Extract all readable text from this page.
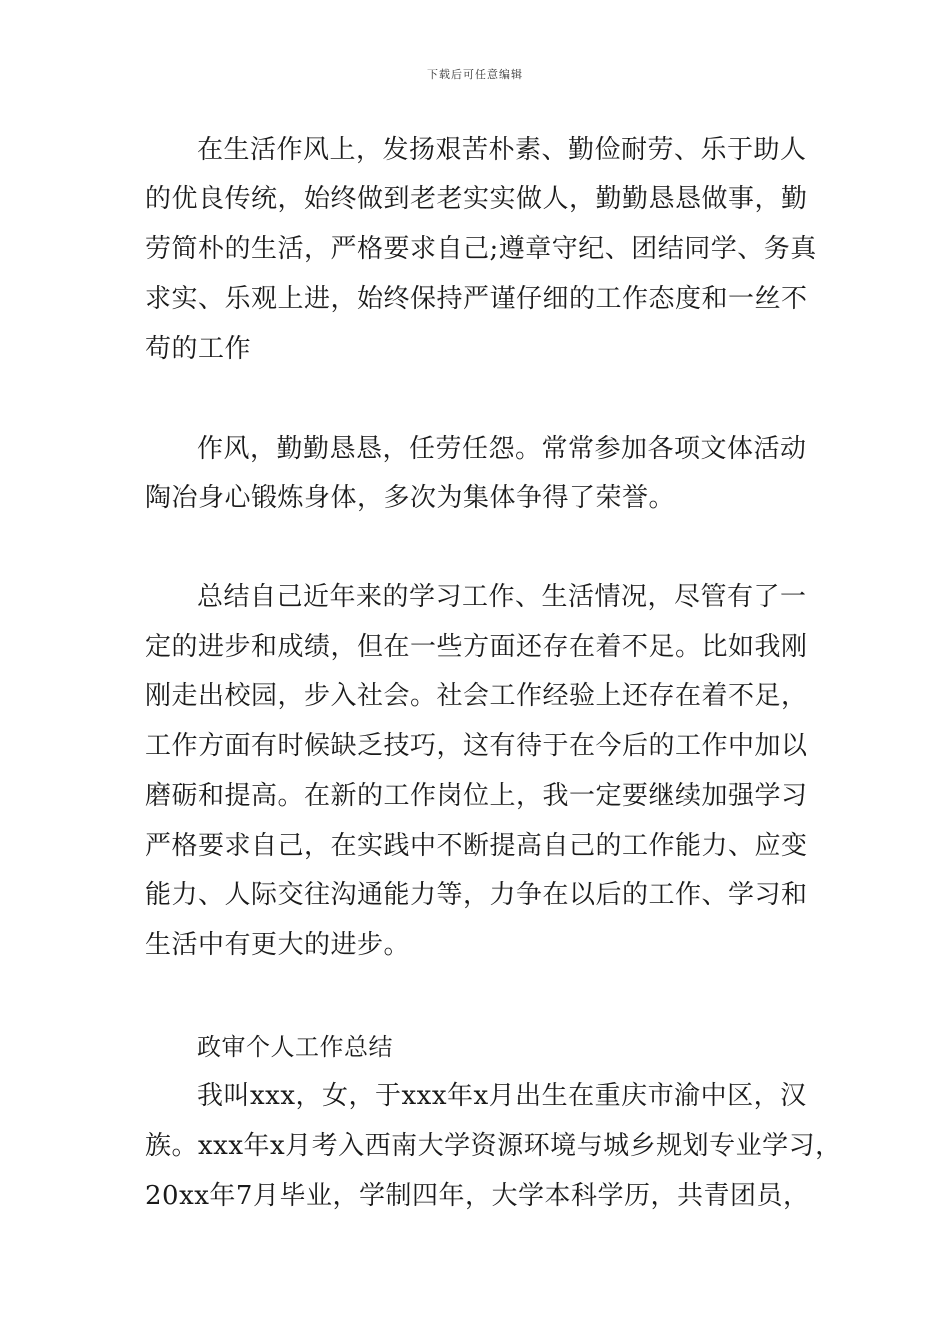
下载后可任意编辑
在生活作风上，发扬艰苦朴素、勤俭耐劳、乐于助人
的优良传统，始终做到老老实实做人，勤勤恳恳做事，勤
劳简朴的生活，严格要求自己;遵章守纪、团结同学、务真
求实、乐观上进，始终保持严谨仔细的工作态度和一丝不
苟的工作
作风，勤勤恳恳，任劳任怨。常常参加各项文体活动
陶冶身心锻炼身体，多次为集体争得了荣誉。
总结自己近年来的学习工作、生活情况，尽管有了一
定的进步和成绩，但在一些方面还存在着不足。比如我刚
刚走出校园，步入社会。社会工作经验上还存在着不足，
工作方面有时候缺乏技巧，这有待于在今后的工作中加以
磨砺和提高。在新的工作岗位上，我一定要继续加强学习
严格要求自己，在实践中不断提高自己的工作能力、应变
能力、人际交往沟通能力等，力争在以后的工作、学习和
生活中有更大的进步。
政审个人工作总结
我叫xxx，女，于xxx年x月出生在重庆市渝中区，汉
族。xxx年x月考入西南大学资源环境与城乡规划专业学习，
20xx年7月毕业，学制四年，大学本科学历，共青团员，
